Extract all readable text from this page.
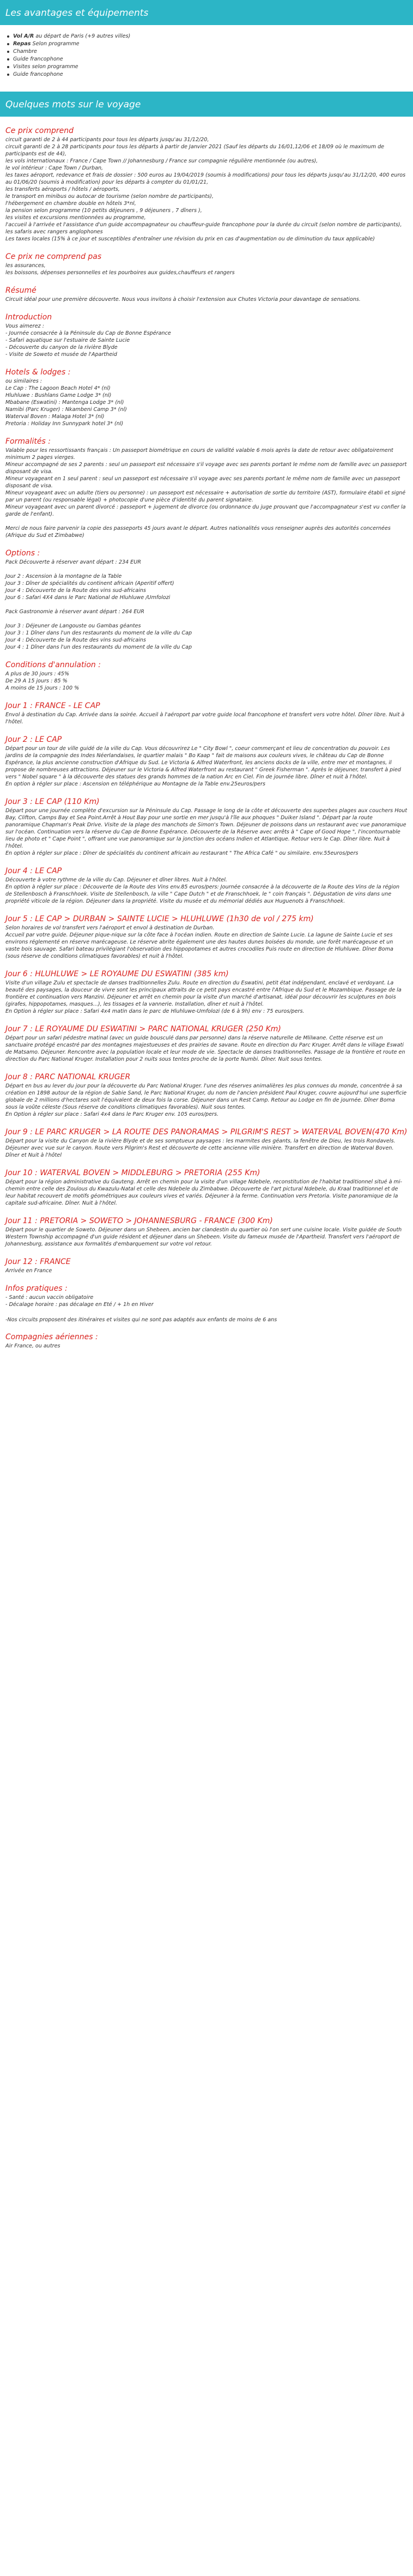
Les avantages et équipements
Vol A/R au départ de Paris (+9 autres villes)
Repas Selon programme
Chambre
Guide francophone
Visites selon programme
Guide francophone
Quelques mots sur le voyage
Ce prix comprend
circuit garanti de 2 à 44 participants pour tous les départs jusqu'au 31/12/20,
circuit garanti de 2 à 28 participants pour tous les départs à partir de Janvier 2021 (Sauf les départs du 16/01,12/06 et 18/09 où le maximum de participants est de 44),
les vols internationaux : France / Cape Town // Johannesburg / France sur compagnie régulière mentionnée (ou autres),
le vol intérieur : Cape Town / Durban,
les taxes aéroport, redevance et frais de dossier : 500 euros au 19/04/2019 (soumis à modifications) pour tous les départs jusqu'au 31/12/20, 400 euros au 01/06/20 (soumis à modification) pour les départs à compter du 01/01/21,
les transferts aéroports / hôtels / aéroports,
le transport en minibus ou autocar de tourisme (selon nombre de participants),
l'hébergement en chambre double en hôtels 3*nl,
la pension selon programme (10 petits déjeuners , 9 déjeuners , 7 dîners ),
les visites et excursions mentionnées au programme,
l'accueil à l'arrivée et l'assistance d'un guide accompagnateur ou chauffeur-guide francophone pour la durée du circuit (selon nombre de participants),
les safaris avec rangers anglophones
Les taxes locales (15% à ce jour et susceptibles d'entraîner une révision du prix en cas d'augmentation ou de diminution du taux applicable)
Ce prix ne comprend pas
les assurances,
les boissons, dépenses personnelles et les pourboires aux guides,chauffeurs et rangers
Résumé
Circuit idéal pour une première découverte. Nous vous invitons à choisir l'extension aux Chutes Victoria pour davantage de sensations.
Introduction
Vous aimerez :
- Journée consacrée à la Péninsule du Cap de Bonne Espérance
- Safari aquatique sur l'estuaire de Sainte Lucie
- Découverte du canyon de la rivière Blyde
- Visite de Soweto et musée de l'Apartheid
Hotels & lodges :
ou similaires :
Le Cap : The Lagoon Beach Hotel 4* (nl)
Hluhluwe : Bushlans Game Lodge 3* (nl)
Mbabane (Eswatini) : Mantenga Lodge 3* (nl)
Namibi (Parc Kruger) : Nkambeni Camp 3* (nl)
Waterval Boven : Malaga Hotel 3* (nl)
Pretoria : Holiday Inn Sunnypark hotel 3* (nl)
Formalités :
Valable pour les ressortissants français : Un passeport biométrique en cours de validité valable 6 mois après la date de retour avec obligatoirement minimum 2 pages vierges.
Mineur accompagné de ses 2 parents : seul un passeport est nécessaire s'il voyage avec ses parents portant le même nom de famille avec un passeport disposant de visa.
Mineur voyageant en 1 seul parent : seul un passeport est nécessaire s'il voyage avec ses parents portant le même nom de famille avec un passeport disposant de visa.
Mineur voyageant avec un adulte (tiers ou personne) : un passeport est nécessaire + autorisation de sortie du territoire (AST), formulaire établi et signé par un parent (ou responsable légal) + photocopie d'une pièce d'identité du parent signataire.
Mineur voyageant avec un parent divorcé : passeport + jugement de divorce (ou ordonnance du juge prouvant que l'accompagnateur s'est vu confier la garde de l'enfant).

Merci de nous faire parvenir la copie des passeports 45 jours avant le départ. Autres nationalités vous renseigner auprès des autorités concernées (Afrique du Sud et Zimbabwe)
Options :
Pack Découverte à réserver avant départ : 234 EUR

Jour 2 : Ascension à la montagne de la Table
Jour 3 : Dîner de spécialités du continent africain (Aperitif offert)
Jour 4 : Découverte de la Route des vins sud-africains
Jour 6 : Safari 4X4 dans le Parc National de Hluhluwe /Umfolozi

Pack Gastronomie à réserver avant départ : 264 EUR

Jour 3 : Déjeuner de Langouste ou Gambas géantes
Jour 3 : 1 Dîner dans l'un des restaurants du moment de la ville du Cap
Jour 4 : Découverte de la Route des vins sud-africains
Jour 4 : 1 Dîner dans l'un des restaurants du moment de la ville du Cap
Conditions d'annulation :
A plus de 30 jours : 45%
De 29 A 15 jours : 85 %
A moins de 15 jours : 100 %
Jour 1 : FRANCE - LE CAP
Envol à destination du Cap. Arrivée dans la soirée. Accueil à l'aéroport par votre guide local francophone et transfert vers votre hôtel. Dîner libre. Nuit à l'hôtel.
Jour 2 : LE CAP
Départ pour un tour de ville guidé de la ville du Cap. Vous découvrirez Le " City Bowl ", coeur commerçant et lieu de concentration du pouvoir. Les jardins de la compagnie des Indes Néerlandaises, le quartier malais " Bo Kaap " fait de maisons aux couleurs vives, le château du Cap de Bonne Espérance, la plus ancienne construction d'Afrique du Sud. Le Victoria & Alfred Waterfront, les anciens docks de la ville, entre mer et montagnes, il propose de nombreuses attractions. Déjeuner sur le Victoria & Alfred Waterfront au restaurant " Greek Fisherman ". Après le déjeuner, transfert à pied vers " Nobel square " à la découverte des statues des grands hommes de la nation Arc en Ciel. Fin de journée libre. Dîner et nuit à l'hôtel.
En option à régler sur place : Ascension en téléphérique au Montagne de la Table env.25euros/pers
Jour 3 : LE CAP (110 Km)
Départ pour une journée complète d'excursion sur la Péninsule du Cap. Passage le long de la côte et découverte des superbes plages aux couchers Hout Bay, Clifton, Camps Bay et Sea Point.Arrêt à Hout Bay pour une sortie en mer jusqu'à l'île aux phoques " Duiker Island ". Départ par la route panoramique Chapman's Peak Drive. Visite de la plage des manchots de Simon's Town. Déjeuner de poissons dans un restaurant avec vue panoramique sur l'océan. Continuation vers la réserve du Cap de Bonne Espérance. Découverte de la Réserve avec arrêts à " Cape of Good Hope ", l'incontournable lieu de photo et " Cape Point ", offrant une vue panoramique sur la jonction des océans Indien et Atlantique. Retour vers le Cap. Dîner libre. Nuit à l'hôtel.
En option à régler sur place : Dîner de spécialités du continent africain au restaurant " The Africa Café " ou similaire. env.55euros/pers
Jour 4 : LE CAP
Découverte à votre rythme de la ville du Cap. Déjeuner et dîner libres. Nuit à l'hôtel.
En option à régler sur place : Découverte de la Route des Vins env.85 euros/pers: Journée consacrée à la découverte de la Route des Vins de la région de Stellenbosch à Franschhoek. Visite de Stellenbosch, la ville " Cape Dutch " et de Franschhoek, le " coin français ". Dégustation de vins dans une propriété viticole de la région. Déjeuner dans la propriété. Visite du musée et du mémorial dédiés aux Huguenots à Franschhoek.
Jour 5 : LE CAP > DURBAN > SAINTE LUCIE > HLUHLUWE (1h30 de vol / 275 km)
Selon horaires de vol transfert vers l'aéroport et envol à destination de Durban.
Accueil par votre guide. Déjeuner pique-nique sur la côte face à l'océan indien. Route en direction de Sainte Lucie. La lagune de Sainte Lucie et ses environs réglementé en réserve marécageuse. Le réserve abrite également une des hautes dunes boisées du monde, une forêt marécageuse et un vaste bois sauvage. Safari bateau privilégiant l'observation des hippopotames et autres crocodiles Puis route en direction de Hluhluwe. Dîner Boma (sous réserve de conditions climatiques favorables) et nuit à l'hôtel.
Jour 6 : HLUHLUWE > LE ROYAUME DU ESWATINI (385 km)
Visite d'un village Zulu et spectacle de danses traditionnelles Zulu. Route en direction du Eswatini, petit état indépendant, enclavé et verdoyant. La beauté des paysages, la douceur de vivre sont les principaux attraits de ce petit pays encastré entre l'Afrique du Sud et le Mozambique. Passage de la frontière et continuation vers Manzini. Déjeuner et arrêt en chemin pour la visite d'un marché d'artisanat, idéal pour découvrir les sculptures en bois (girafes, hippopotames, masques...), les tissages et la vannerie. Installation, dîner et nuit à l'hôtel.
En Option à régler sur place : Safari 4x4 matin dans le parc de Hluhluwe-Umfolozi (de 6 à 9h) env : 75 euros/pers.
Jour 7 : LE ROYAUME DU ESWATINI > PARC NATIONAL KRUGER (250 Km)
Départ pour un safari pédestre matinal (avec un guide bousculé dans par personne) dans la réserve naturelle de Mlilwane. Cette réserve est un sanctuaire protégé encastré par des montagnes majestueuses et des prairies de savane. Route en direction du Parc Kruger. Arrêt dans le village Eswati de Matsamo. Déjeuner. Rencontre avec la population locale et leur mode de vie. Spectacle de danses traditionnelles. Passage de la frontière et route en direction du Parc National Kruger. Installation pour 2 nuits sous tentes proche de la porte Numbi. Dîner. Nuit sous tentes.
Jour 8 : PARC NATIONAL KRUGER
Départ en bus au lever du jour pour la découverte du Parc National Kruger. l'une des réserves animalières les plus connues du monde, concentrée à sa création en 1898 autour de la région de Sabie Sand, le Parc National Kruger, du nom de l'ancien président Paul Kruger, couvre aujourd'hui une superficie globale de 2 millions d'hectares soit l'équivalent de deux fois la corse. Déjeuner dans un Rest Camp. Retour au Lodge en fin de journée. Dîner Boma sous la voûte céleste (Sous réserve de conditions climatiques favorables). Nuit sous tentes.
En Option à régler sur place : Safari 4x4 dans le Parc Kruger env. 105 euros/pers.
Jour 9 : LE PARC KRUGER > LA ROUTE DES PANORAMAS > PILGRIM'S REST > WATERVAL BOVEN(470 Km)
Départ pour la visite du Canyon de la rivière Blyde et de ses somptueux paysages : les marmites des géants, la fenêtre de Dieu, les trois Rondavels. Déjeuner avec vue sur le canyon. Route vers Pilgrim's Rest et découverte de cette ancienne ville minière. Transfert en direction de Waterval Boven. Dîner et Nuit à l'hôtel
Jour 10 : WATERVAL BOVEN > MIDDLEBURG > PRETORIA (255 Km)
Départ pour la région administrative du Gauteng. Arrêt en chemin pour la visite d'un village Ndebele, reconstitution de l'habitat traditionnel situé à mi-chemin entre celle des Zoulous du Kwazulu-Natal et celle des Ndebele du Zimbabwe. Découverte de l'art pictural Ndebele, du Kraal traditionnel et de leur habitat recouvert de motifs géométriques aux couleurs vives et variés. Déjeuner à la ferme. Continuation vers Pretoria. Visite panoramique de la capitale sud-africaine. Dîner. Nuit à l'hôtel.
Jour 11 : PRETORIA > SOWETO > JOHANNESBURG - FRANCE (300 Km)
Départ pour le quartier de Soweto. Déjeuner dans un Shebeen, ancien bar clandestin du quartier où l'on sert une cuisine locale. Visite guidée de South Western Township accompagné d'un guide résident et déjeuner dans un Shebeen. Visite du fameux musée de l'Apartheid. Transfert vers l'aéroport de Johannesburg, assistance aux formalités d'embarquement sur votre vol retour.
Jour 12 : FRANCE
Arrivée en France
Infos pratiques :
- Santé : aucun vaccin obligatoire
- Décalage horaire : pas décalage en Eté / + 1h en Hiver
-Nos circuits proposent des itinéraires et visites qui ne sont pas adaptés aux enfants de moins de 6 ans
Compagnies aériennes :
Air France, ou autres
